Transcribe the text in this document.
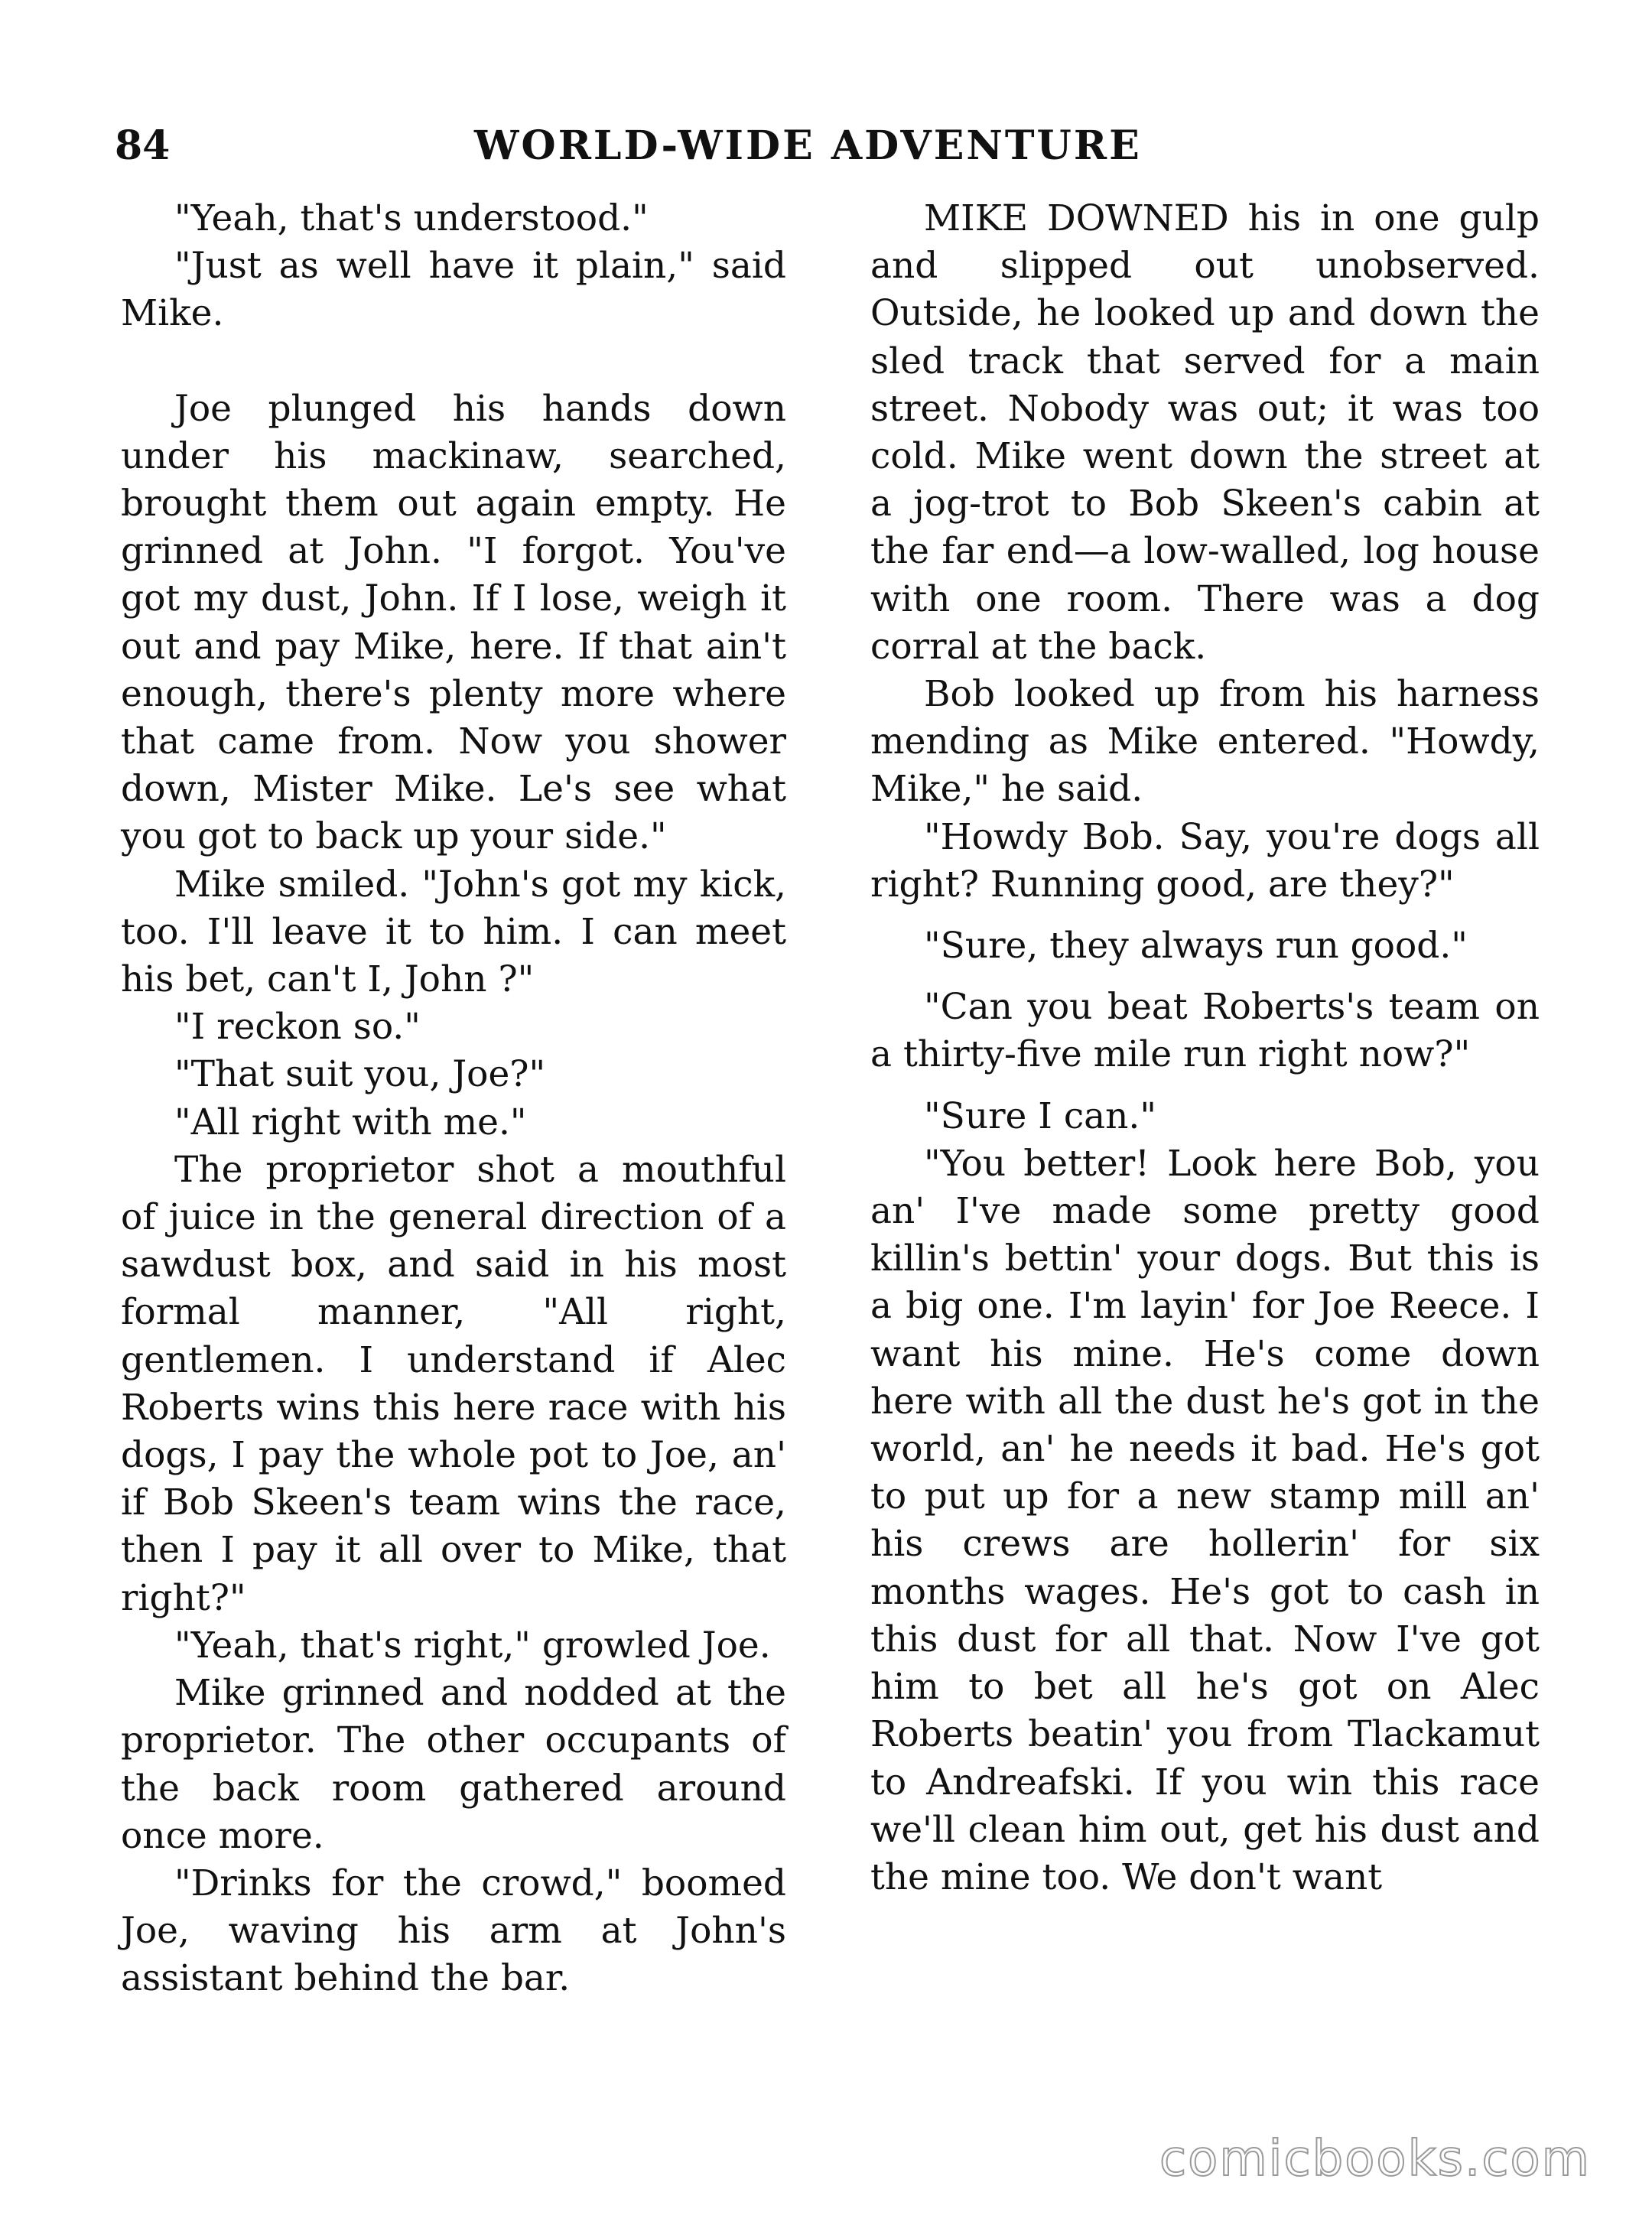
84	WORLD-WIDE ADVENTURE

"Yeah, that's understood."

"Just as well have it plain," said Mike.

Joe plunged his hands down under his mackinaw, searched, brought them out again empty. He grinned at John. "I forgot. You've got my dust, John. If I lose, weigh it out and pay Mike, here. If that ain't enough, there's plenty more where that came from. Now you shower down, Mister Mike. Le's see what you got to back up your side."

Mike smiled. "John's got my kick, too. I'll leave it to him. I can meet his bet, can't I, John ?"

"I reckon so."

"That suit you, Joe?"

"All right with me."

The proprietor shot a mouthful of juice in the general direction of a sawdust box, and said in his most formal manner, "All right, gentlemen. I understand if Alec Roberts wins this here race with his dogs, I pay the whole pot to Joe, an' if Bob Skeen's team wins the race, then I pay it all over to Mike, that right?"

"Yeah, that's right," growled Joe.

Mike grinned and nodded at the proprietor. The other occupants of the back room gathered around once more.

"Drinks for the crowd," boomed Joe, waving his arm at John's assistant behind the bar.

MIKE DOWNED his in one gulp and slipped out unobserved. Outside, he looked up and down the sled track that served for a main street. Nobody was out; it was too cold. Mike went down the street at a jog-trot to Bob Skeen's cabin at the far end—a low-walled, log house with one room. There was a dog corral at the back.

Bob looked up from his harness mending as Mike entered. "Howdy, Mike," he said.

"Howdy Bob. Say, you're dogs all right? Running good, are they?"

"Sure, they always run good."

"Can you beat Roberts's team on a thirty-five mile run right now?"

"Sure I can."

"You better! Look here Bob, you an' I've made some pretty good killin's bettin' your dogs. But this is a big one. I'm layin' for Joe Reece. I want his mine. He's come down here with all the dust he's got in the world, an' he needs it bad. He's got to put up for a new stamp mill an' his crews are hollerin' for six months wages. He's got to cash in this dust for all that. Now I've got him to bet all he's got on Alec Roberts beatin' you from Tlackamut to Andreafski. If you win this race we'll clean him out, get his dust and the mine too. We don't want

comicbooks.com
